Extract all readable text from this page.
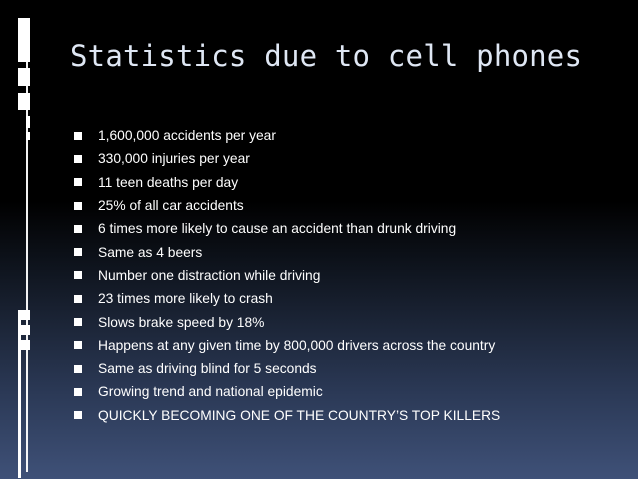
Statistics due to cell phones
1,600,000 accidents per year
330,000 injuries per year
11 teen deaths per day
25% of all car accidents
6 times more likely to cause an accident than drunk driving
Same as 4 beers
Number one distraction while driving
23 times more likely to crash
Slows brake speed by 18%
Happens at any given time by 800,000 drivers across the country
Same as driving blind for 5 seconds
Growing trend and national epidemic
QUICKLY BECOMING ONE OF THE COUNTRY’S TOP KILLERS
